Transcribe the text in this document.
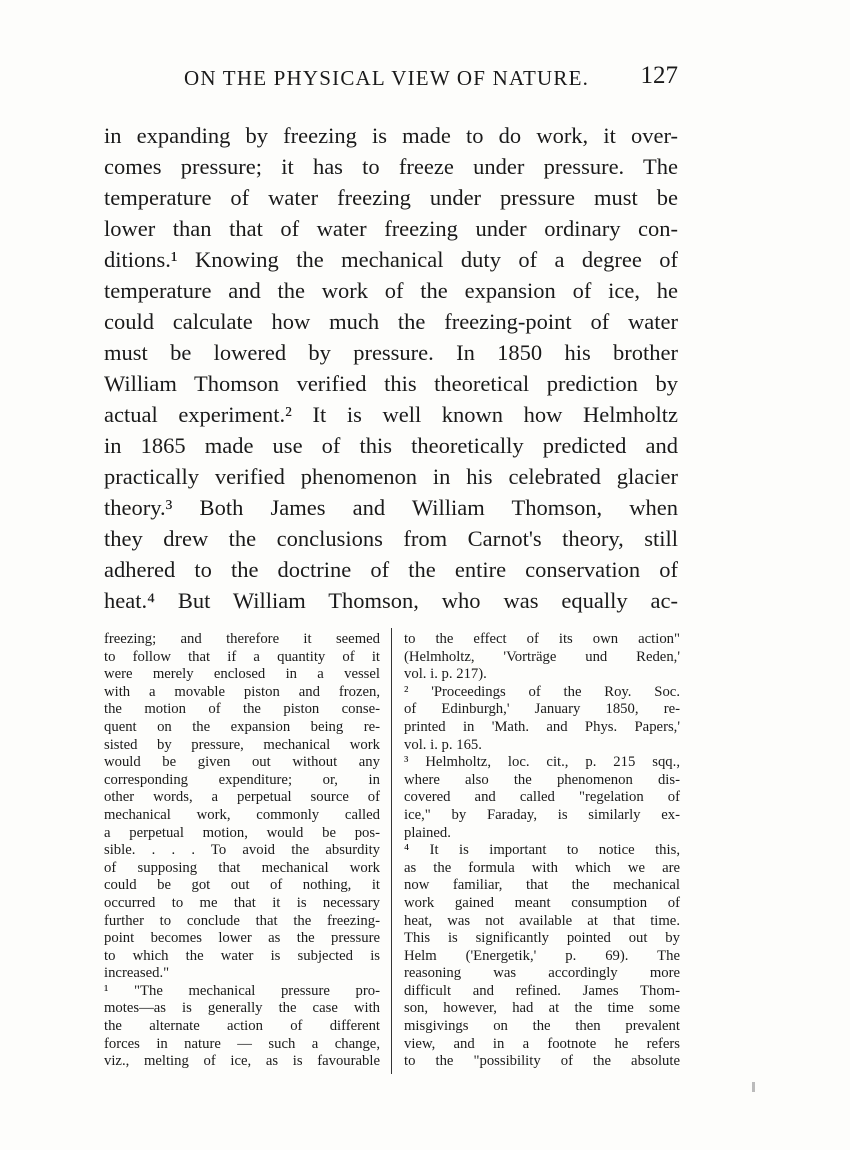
ON THE PHYSICAL VIEW OF NATURE. 127
in expanding by freezing is made to do work, it over-
comes pressure; it has to freeze under pressure. The
temperature of water freezing under pressure must be
lower than that of water freezing under ordinary con-
ditions.¹ Knowing the mechanical duty of a degree of
temperature and the work of the expansion of ice, he
could calculate how much the freezing-point of water
must be lowered by pressure. In 1850 his brother
William Thomson verified this theoretical prediction by
actual experiment.² It is well known how Helmholtz
in 1865 made use of this theoretically predicted and
practically verified phenomenon in his celebrated glacier
theory.³ Both James and William Thomson, when
they drew the conclusions from Carnot's theory, still
adhered to the doctrine of the entire conservation of
heat.⁴ But William Thomson, who was equally ac-
freezing; and therefore it seemed
to follow that if a quantity of it
were merely enclosed in a vessel
with a movable piston and frozen,
the motion of the piston conse-
quent on the expansion being re-
sisted by pressure, mechanical work
would be given out without any
corresponding expenditure; or, in
other words, a perpetual source of
mechanical work, commonly called
a perpetual motion, would be pos-
sible. . . . To avoid the absurdity
of supposing that mechanical work
could be got out of nothing, it
occurred to me that it is necessary
further to conclude that the freezing-
point becomes lower as the pressure
to which the water is subjected is
increased."
¹ "The mechanical pressure pro-
motes—as is generally the case with
the alternate action of different
forces in nature — such a change,
viz., melting of ice, as is favourable
to the effect of its own action"
(Helmholtz, 'Vorträge und Reden,'
vol. i. p. 217).
² 'Proceedings of the Roy. Soc.
of Edinburgh,' January 1850, re-
printed in 'Math. and Phys. Papers,'
vol. i. p. 165.
³ Helmholtz, loc. cit., p. 215 sqq.,
where also the phenomenon dis-
covered and called "regelation of
ice," by Faraday, is similarly ex-
plained.
⁴ It is important to notice this,
as the formula with which we are
now familiar, that the mechanical
work gained meant consumption of
heat, was not available at that time.
This is significantly pointed out by
Helm ('Energetik,' p. 69). The
reasoning was accordingly more
difficult and refined. James Thom-
son, however, had at the time some
misgivings on the then prevalent
view, and in a footnote he refers
to the "possibility of the absolute
